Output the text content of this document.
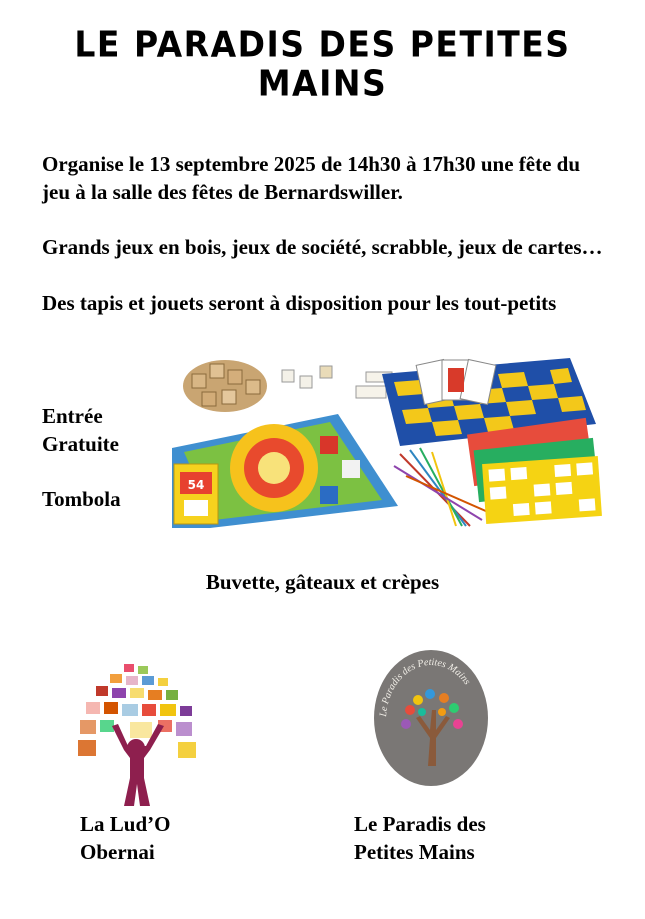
LE PARADIS DES PETITES MAINS
Organise le 13 septembre 2025 de 14h30 à 17h30 une fête du jeu à la salle des fêtes de Bernardswiller.
Grands jeux en bois, jeux de société, scrabble, jeux de cartes…
Des tapis et jouets seront à disposition pour les tout-petits
Entrée
Gratuite
Tombola
54
Buvette, gâteaux et crèpes
Le Paradis des Petites Mains
La Lud’O
Obernai
Le Paradis des
Petites Mains
